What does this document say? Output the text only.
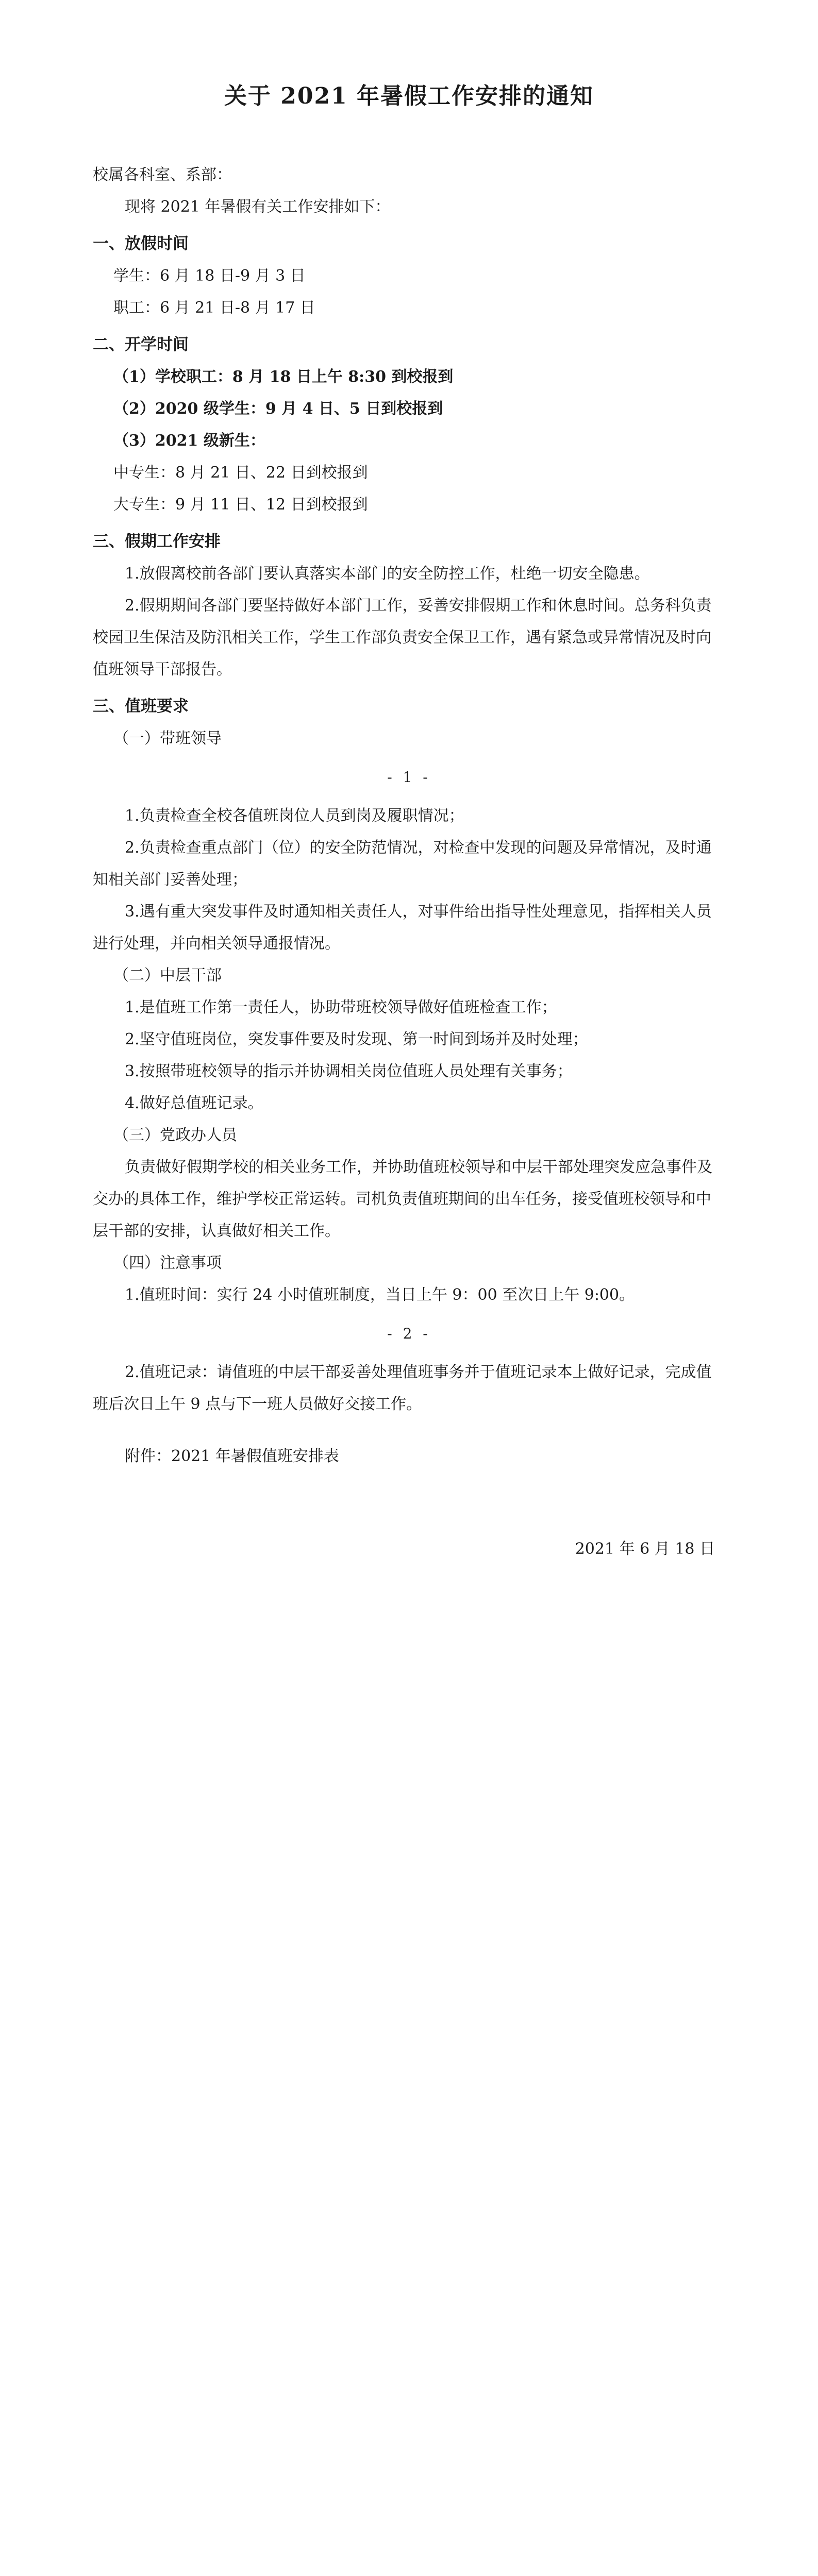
关于 2021 年暑假工作安排的通知

校属各科室、系部：

现将 2021 年暑假有关工作安排如下：

一、放假时间

学生：6 月 18 日-9 月 3 日

职工：6 月 21 日-8 月 17 日

二、开学时间

（1）学校职工：8 月 18 日上午 8:30 到校报到

（2）2020 级学生：9 月 4 日、5 日到校报到

（3）2021 级新生：

中专生：8 月 21 日、22 日到校报到

大专生：9 月 11 日、12 日到校报到

三、假期工作安排

1.放假离校前各部门要认真落实本部门的安全防控工作，杜绝一切安全隐患。

2.假期期间各部门要坚持做好本部门工作，妥善安排假期工作和休息时间。总务科负责校园卫生保洁及防汛相关工作，学生工作部负责安全保卫工作，遇有紧急或异常情况及时向值班领导干部报告。

三、值班要求

（一）带班领导

- 1 -

1.负责检查全校各值班岗位人员到岗及履职情况；

2.负责检查重点部门（位）的安全防范情况，对检查中发现的问题及异常情况，及时通知相关部门妥善处理；

3.遇有重大突发事件及时通知相关责任人，对事件给出指导性处理意见，指挥相关人员进行处理，并向相关领导通报情况。

（二）中层干部

1.是值班工作第一责任人，协助带班校领导做好值班检查工作；

2.坚守值班岗位，突发事件要及时发现、第一时间到场并及时处理；

3.按照带班校领导的指示并协调相关岗位值班人员处理有关事务；

4.做好总值班记录。

（三）党政办人员

负责做好假期学校的相关业务工作，并协助值班校领导和中层干部处理突发应急事件及交办的具体工作，维护学校正常运转。司机负责值班期间的出车任务，接受值班校领导和中层干部的安排，认真做好相关工作。

（四）注意事项

1.值班时间：实行 24 小时值班制度，当日上午 9：00 至次日上午 9:00。

- 2 -

2.值班记录：请值班的中层干部妥善处理值班事务并于值班记录本上做好记录，完成值班后次日上午 9 点与下一班人员做好交接工作。

附件：2021 年暑假值班安排表

2021 年 6 月 18 日
